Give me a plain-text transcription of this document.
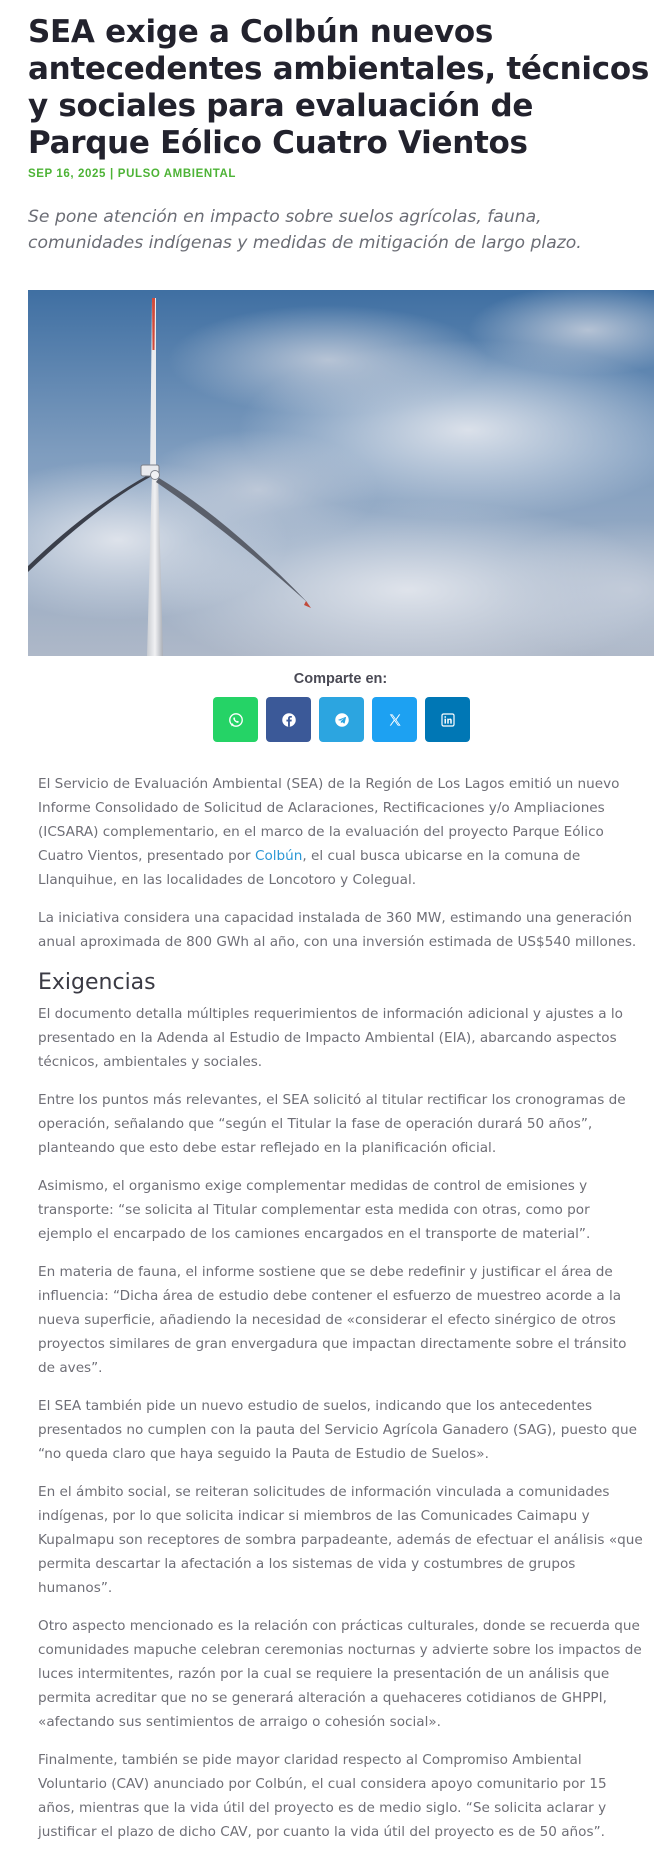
SEA exige a Colbún nuevos antecedentes ambientales, técnicos y sociales para evaluación de Parque Eólico Cuatro Vientos
SEP 16, 2025 | PULSO AMBIENTAL

Se pone atención en impacto sobre suelos agrícolas, fauna, comunidades indígenas y medidas de mitigación de largo plazo.

Comparte en:

El Servicio de Evaluación Ambiental (SEA) de la Región de Los Lagos emitió un nuevo Informe Consolidado de Solicitud de Aclaraciones, Rectificaciones y/o Ampliaciones (ICSARA) complementario, en el marco de la evaluación del proyecto Parque Eólico Cuatro Vientos, presentado por Colbún, el cual busca ubicarse en la comuna de Llanquihue, en las localidades de Loncotoro y Colegual.

La iniciativa considera una capacidad instalada de 360 MW, estimando una generación anual aproximada de 800 GWh al año, con una inversión estimada de US$540 millones.

Exigencias

El documento detalla múltiples requerimientos de información adicional y ajustes a lo presentado en la Adenda al Estudio de Impacto Ambiental (EIA), abarcando aspectos técnicos, ambientales y sociales.

Entre los puntos más relevantes, el SEA solicitó al titular rectificar los cronogramas de operación, señalando que “según el Titular la fase de operación durará 50 años”, planteando que esto debe estar reflejado en la planificación oficial.

Asimismo, el organismo exige complementar medidas de control de emisiones y transporte: “se solicita al Titular complementar esta medida con otras, como por ejemplo el encarpado de los camiones encargados en el transporte de material”.

En materia de fauna, el informe sostiene que se debe redefinir y justificar el área de influencia: “Dicha área de estudio debe contener el esfuerzo de muestreo acorde a la nueva superficie, añadiendo la necesidad de «considerar el efecto sinérgico de otros proyectos similares de gran envergadura que impactan directamente sobre el tránsito de aves”.

El SEA también pide un nuevo estudio de suelos, indicando que los antecedentes presentados no cumplen con la pauta del Servicio Agrícola Ganadero (SAG), puesto que “no queda claro que haya seguido la Pauta de Estudio de Suelos».

En el ámbito social, se reiteran solicitudes de información vinculada a comunidades indígenas, por lo que solicita indicar si miembros de las Comunicades Caimapu y Kupalmapu son receptores de sombra parpadeante, además de efectuar el análisis «que permita descartar la afectación a los sistemas de vida y costumbres de grupos humanos”.

Otro aspecto mencionado es la relación con prácticas culturales, donde se recuerda que comunidades mapuche celebran ceremonias nocturnas y advierte sobre los impactos de luces intermitentes, razón por la cual se requiere la presentación de un análisis que permita acreditar que no se generará alteración a quehaceres cotidianos de GHPPI, «afectando sus sentimientos de arraigo o cohesión social».

Finalmente, también se pide mayor claridad respecto al Compromiso Ambiental Voluntario (CAV) anunciado por Colbún, el cual considera apoyo comunitario por 15 años, mientras que la vida útil del proyecto es de medio siglo. “Se solicita aclarar y justificar el plazo de dicho CAV, por cuanto la vida útil del proyecto es de 50 años”.
